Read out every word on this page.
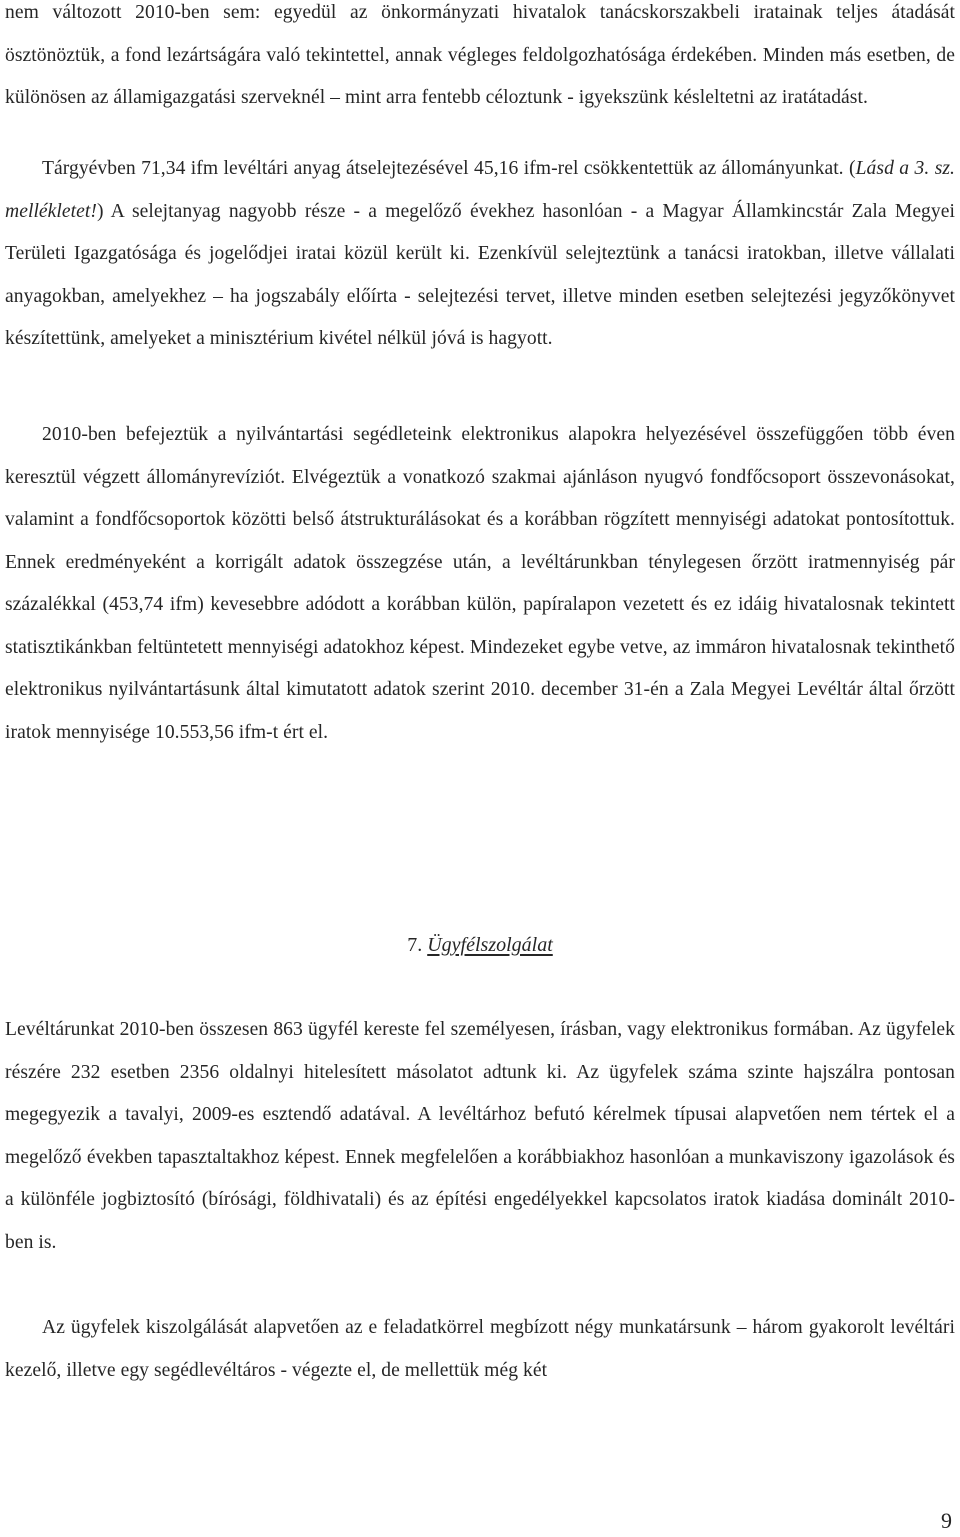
nem változott 2010-ben sem: egyedül az önkormányzati hivatalok tanácskorszakbeli iratainak teljes átadását ösztönöztük, a fond lezártságára való tekintettel, annak végleges feldolgozhatósága érdekében. Minden más esetben, de különösen az államigazgatási szerveknél – mint arra fentebb céloztunk - igyekszünk késleltetni az iratátadást.

Tárgyévben 71,34 ifm levéltári anyag átselejtezésével 45,16 ifm-rel csökkentettük az állományunkat. (Lásd a 3. sz. mellékletet!) A selejtanyag nagyobb része - a megelőző évekhez hasonlóan - a Magyar Államkincstár Zala Megyei Területi Igazgatósága és jogelődjei iratai közül került ki. Ezenkívül selejteztünk a tanácsi iratokban, illetve vállalati anyagokban, amelyekhez – ha jogszabály előírta - selejtezési tervet, illetve minden esetben selejtezési jegyzőkönyvet készítettünk, amelyeket a minisztérium kivétel nélkül jóvá is hagyott.

2010-ben befejeztük a nyilvántartási segédleteink elektronikus alapokra helyezésével összefüggően több éven keresztül végzett állományrevíziót. Elvégeztük a vonatkozó szakmai ajánláson nyugvó fondfőcsoport összevonásokat, valamint a fondfőcsoportok közötti belső átstrukturálásokat és a korábban rögzített mennyiségi adatokat pontosítottuk. Ennek eredményeként a korrigált adatok összegzése után, a levéltárunkban ténylegesen őrzött iratmennyiség pár százalékkal (453,74 ifm) kevesebbre adódott a korábban külön, papíralapon vezetett és ez idáig hivatalosnak tekintett statisztikánkban feltüntetett mennyiségi adatokhoz képest. Mindezeket egybe vetve, az immáron hivatalosnak tekinthető elektronikus nyilvántartásunk által kimutatott adatok szerint 2010. december 31-én a Zala Megyei Levéltár által őrzött iratok mennyisége 10.553,56 ifm-t ért el.

7. Ügyfélszolgálat

Levéltárunkat 2010-ben összesen 863 ügyfél kereste fel személyesen, írásban, vagy elektronikus formában. Az ügyfelek részére 232 esetben 2356 oldalnyi hitelesített másolatot adtunk ki. Az ügyfelek száma szinte hajszálra pontosan megegyezik a tavalyi, 2009-es esztendő adatával. A levéltárhoz befutó kérelmek típusai alapvetően nem tértek el a megelőző években tapasztaltakhoz képest. Ennek megfelelően a korábbiakhoz hasonlóan a munkaviszony igazolások és a különféle jogbiztosító (bírósági, földhivatali) és az építési engedélyekkel kapcsolatos iratok kiadása dominált 2010-ben is.

Az ügyfelek kiszolgálását alapvetően az e feladatkörrel megbízott négy munkatársunk – három gyakorolt levéltári kezelő, illetve egy segédlevéltáros - végezte el, de mellettük még két

9
